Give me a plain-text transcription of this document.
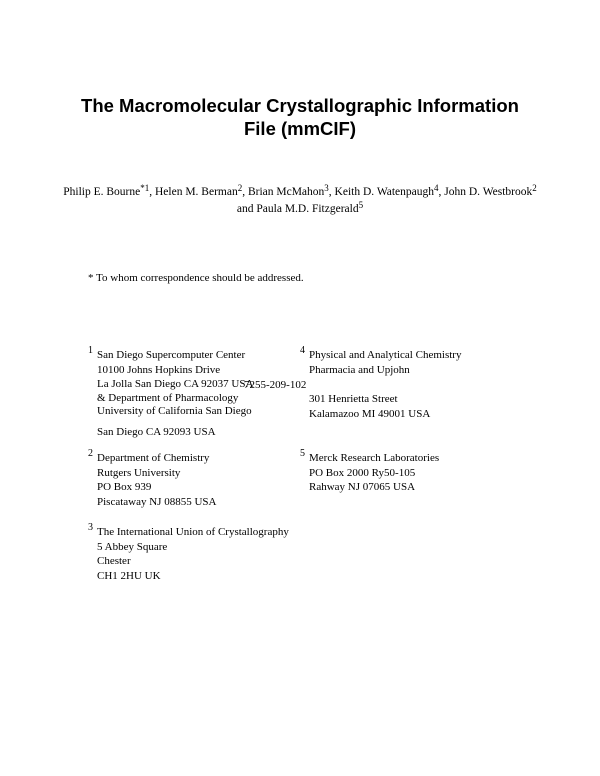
The Macromolecular Crystallographic Information
File (mmCIF)
Philip E. Bourne$^{*1}$, Helen M. Berman$^2$, Brian McMahon$^3$, Keith D. Watenpaugh$^4$, John D. Westbrook$^2$ and Paula M.D. Fitzgerald$^5$
* To whom correspondence should be addressed.
1 San Diego Supercomputer Center
10100 Johns Hopkins Drive
La Jolla San Diego CA 92037 USA
& Department of Pharmacology
University of California San Diego
San Diego CA 92093 USA
7255-209-102
4 Physical and Analytical Chemistry
Pharmacia and Upjohn
301 Henrietta Street
Kalamazoo MI 49001 USA
2 Department of Chemistry
Rutgers University
PO Box 939
Piscataway NJ 08855 USA
5 Merck Research Laboratories
PO Box 2000 Ry50-105
Rahway NJ 07065 USA
3 The International Union of Crystallography
5 Abbey Square
Chester
CH1 2HU UK
